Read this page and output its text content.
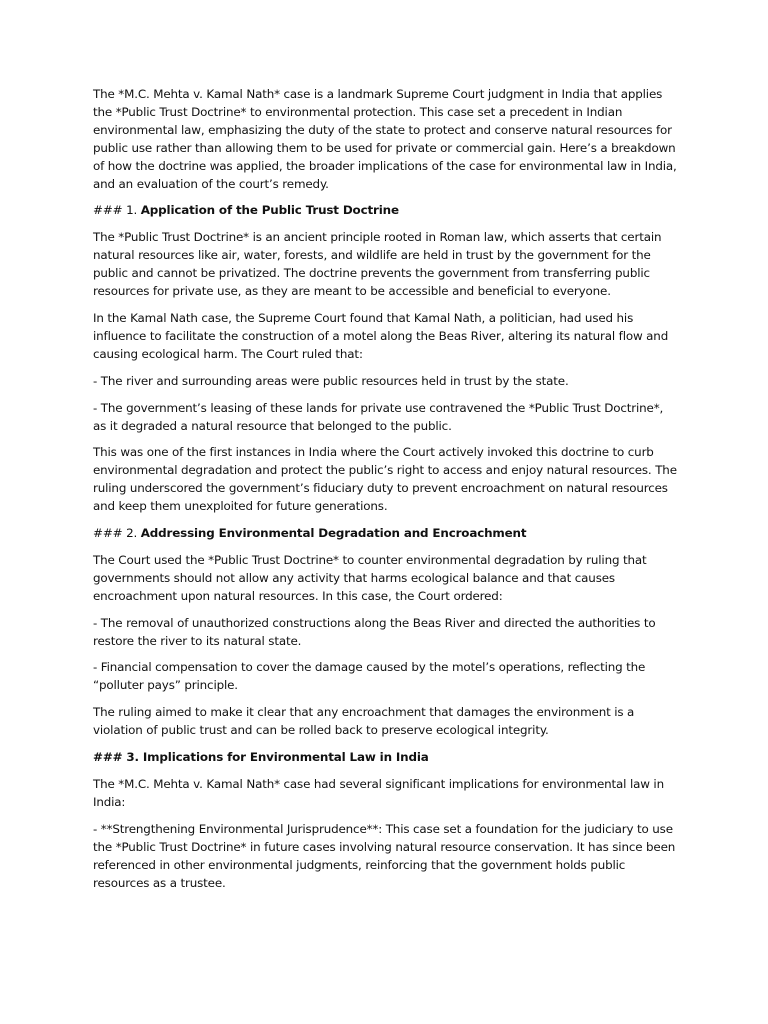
The *M.C. Mehta v. Kamal Nath* case is a landmark Supreme Court judgment in India that applies the *Public Trust Doctrine* to environmental protection. This case set a precedent in Indian environmental law, emphasizing the duty of the state to protect and conserve natural resources for public use rather than allowing them to be used for private or commercial gain. Here’s a breakdown of how the doctrine was applied, the broader implications of the case for environmental law in India, and an evaluation of the court’s remedy.

### 1. Application of the Public Trust Doctrine

The *Public Trust Doctrine* is an ancient principle rooted in Roman law, which asserts that certain natural resources like air, water, forests, and wildlife are held in trust by the government for the public and cannot be privatized. The doctrine prevents the government from transferring public resources for private use, as they are meant to be accessible and beneficial to everyone.

In the Kamal Nath case, the Supreme Court found that Kamal Nath, a politician, had used his influence to facilitate the construction of a motel along the Beas River, altering its natural flow and causing ecological harm. The Court ruled that:

- The river and surrounding areas were public resources held in trust by the state.

- The government’s leasing of these lands for private use contravened the *Public Trust Doctrine*, as it degraded a natural resource that belonged to the public.

This was one of the first instances in India where the Court actively invoked this doctrine to curb environmental degradation and protect the public’s right to access and enjoy natural resources. The ruling underscored the government’s fiduciary duty to prevent encroachment on natural resources and keep them unexploited for future generations.

### 2. Addressing Environmental Degradation and Encroachment

The Court used the *Public Trust Doctrine* to counter environmental degradation by ruling that governments should not allow any activity that harms ecological balance and that causes encroachment upon natural resources. In this case, the Court ordered:

- The removal of unauthorized constructions along the Beas River and directed the authorities to restore the river to its natural state.

- Financial compensation to cover the damage caused by the motel’s operations, reflecting the “polluter pays” principle.

The ruling aimed to make it clear that any encroachment that damages the environment is a violation of public trust and can be rolled back to preserve ecological integrity.

### 3. Implications for Environmental Law in India

The *M.C. Mehta v. Kamal Nath* case had several significant implications for environmental law in India:

- **Strengthening Environmental Jurisprudence**: This case set a foundation for the judiciary to use the *Public Trust Doctrine* in future cases involving natural resource conservation. It has since been referenced in other environmental judgments, reinforcing that the government holds public resources as a trustee.
